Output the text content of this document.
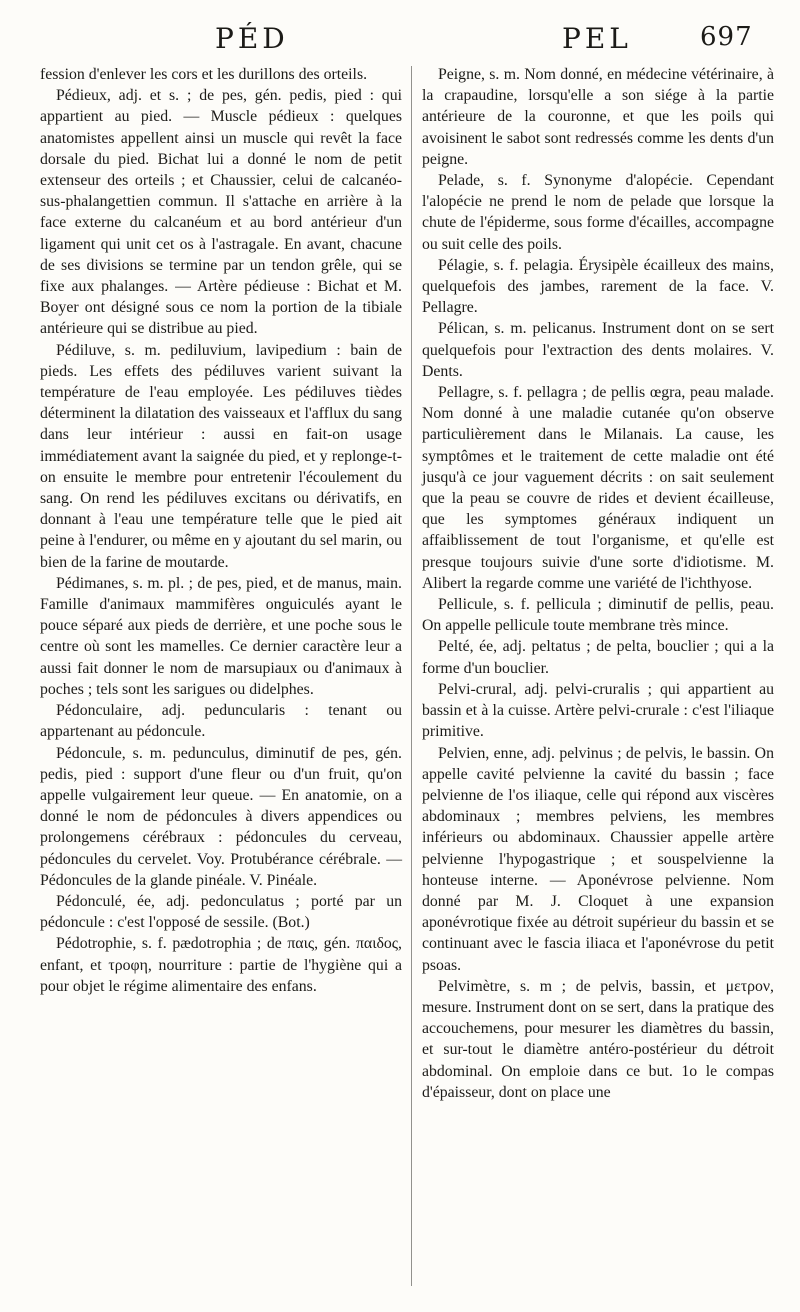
PÉD	PEL	697

fession d'enlever les cors et les durillons des orteils.

Pédieux, adj. et s. ; de pes, gén. pedis, pied : qui appartient au pied. — Muscle pédieux : quelques anatomistes appellent ainsi un muscle qui revêt la face dorsale du pied. Bichat lui a donné le nom de petit extenseur des orteils ; et Chaussier, celui de calcanéo-sus-phalangettien commun. Il s'attache en arrière à la face externe du calcanéum et au bord antérieur d'un ligament qui unit cet os à l'astragale. En avant, chacune de ses divisions se termine par un tendon grêle, qui se fixe aux phalanges. — Artère pédieuse : Bichat et M. Boyer ont désigné sous ce nom la portion de la tibiale antérieure qui se distribue au pied.

Pédiluve, s. m. pediluvium, lavipedium : bain de pieds. Les effets des pédiluves varient suivant la température de l'eau employée. Les pédiluves tièdes déterminent la dilatation des vaisseaux et l'afflux du sang dans leur intérieur : aussi en fait-on usage immédiatement avant la saignée du pied, et y replonge-t-on ensuite le membre pour entretenir l'écoulement du sang. On rend les pédiluves excitans ou dérivatifs, en donnant à l'eau une température telle que le pied ait peine à l'endurer, ou même en y ajoutant du sel marin, ou bien de la farine de moutarde.

Pédimanes, s. m. pl. ; de pes, pied, et de manus, main. Famille d'animaux mammifères onguiculés ayant le pouce séparé aux pieds de derrière, et une poche sous le centre où sont les mamelles. Ce dernier caractère leur a aussi fait donner le nom de marsupiaux ou d'animaux à poches ; tels sont les sarigues ou didelphes.

Pédonculaire, adj. peduncularis : tenant ou appartenant au pédoncule.

Pédoncule, s. m. pedunculus, diminutif de pes, gén. pedis, pied : support d'une fleur ou d'un fruit, qu'on appelle vulgairement leur queue. — En anatomie, on a donné le nom de pédoncules à divers appendices ou prolongemens cérébraux : pédoncules du cerveau, pédoncules du cervelet. Voy. Protubérance cérébrale. — Pédoncules de la glande pinéale. V. Pinéale.

Pédonculé, ée, adj. pedonculatus ; porté par un pédoncule : c'est l'opposé de sessile. (Bot.)

Pédotrophie, s. f. pædotrophia ; de παις, gén. παιδος, enfant, et τροφη, nourriture : partie de l'hygiène qui a pour objet le régime alimentaire des enfans.

Peigne, s. m. Nom donné, en médecine vétérinaire, à la crapaudine, lorsqu'elle a son siége à la partie antérieure de la couronne, et que les poils qui avoisinent le sabot sont redressés comme les dents d'un peigne.

Pelade, s. f. Synonyme d'alopécie. Cependant l'alopécie ne prend le nom de pelade que lorsque la chute de l'épiderme, sous forme d'écailles, accompagne ou suit celle des poils.

Pélagie, s. f. pelagia. Érysipèle écailleux des mains, quelquefois des jambes, rarement de la face. V. Pellagre.

Pélican, s. m. pelicanus. Instrument dont on se sert quelquefois pour l'extraction des dents molaires. V. Dents.

Pellagre, s. f. pellagra ; de pellis œgra, peau malade. Nom donné à une maladie cutanée qu'on observe particulièrement dans le Milanais. La cause, les symptômes et le traitement de cette maladie ont été jusqu'à ce jour vaguement décrits : on sait seulement que la peau se couvre de rides et devient écailleuse, que les symptomes généraux indiquent un affaiblissement de tout l'organisme, et qu'elle est presque toujours suivie d'une sorte d'idiotisme. M. Alibert la regarde comme une variété de l'ichthyose.

Pellicule, s. f. pellicula ; diminutif de pellis, peau. On appelle pellicule toute membrane très mince.

Pelté, ée, adj. peltatus ; de pelta, bouclier ; qui a la forme d'un bouclier.

Pelvi-crural, adj. pelvi-cruralis ; qui appartient au bassin et à la cuisse. Artère pelvi-crurale : c'est l'iliaque primitive.

Pelvien, enne, adj. pelvinus ; de pelvis, le bassin. On appelle cavité pelvienne la cavité du bassin ; face pelvienne de l'os iliaque, celle qui répond aux viscères abdominaux ; membres pelviens, les membres inférieurs ou abdominaux. Chaussier appelle artère pelvienne l'hypogastrique ; et souspelvienne la honteuse interne. — Aponévrose pelvienne. Nom donné par M. J. Cloquet à une expansion aponévrotique fixée au détroit supérieur du bassin et se continuant avec le fascia iliaca et l'aponévrose du petit psoas.

Pelvimètre, s. m ; de pelvis, bassin, et μετρον, mesure. Instrument dont on se sert, dans la pratique des accouchemens, pour mesurer les diamètres du bassin, et sur-tout le diamètre antéro-postérieur du détroit abdominal. On emploie dans ce but. 1o le compas d'épaisseur, dont on place une
